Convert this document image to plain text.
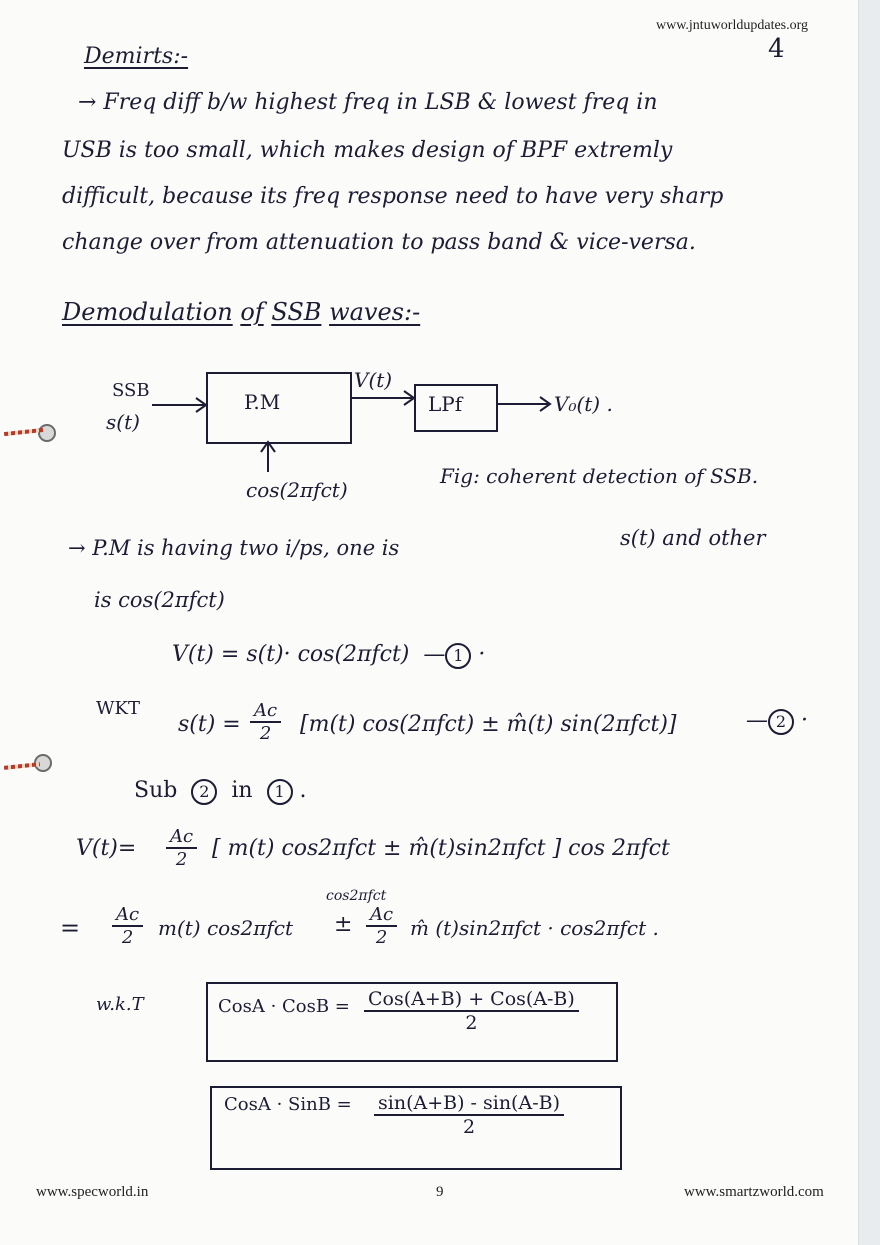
www.jntuworldupdates.org
4
Demirts:-
→ Freq diff b/w highest freq in LSB & lowest freq in
USB is too small, which makes design of BPF extremly
difficult, because its freq response need to have very sharp
change over from attenuation to pass band & vice-versa.
Demodulation of SSB waves:-
SSB
s(t)
P.M
V(t)
LPf	V₀(t) .
cos(2πfct)
Fig: coherent detection of SSB.
→ P.M is having two i/ps, one is	s(t) and other
is cos(2πfct)
V(t) = s(t)· cos(2πfct)  — 1 ·
WKT
$s(t) = \frac{Ac}{2} [m(t) \cos(2\pi fct)$ ± m̂(t) sin(2πfct)]	— 2 ·
Sub 2 in 1 .
$V(t)= \frac{Ac}{2}$ [ m(t) cos2πfct ± m̂(t)sin2πfct ] cos 2πfct
= $\frac{Ac}{2} m(t)$ cos2πfct
cos2πfct
± $\frac{Ac}{2}$ m̂ (t)sin2πfct · cos2πfct .
w.k.T	CosA · CosB = Cos(A+B) + Cos(A-B)
2
CosA · SinB = $\frac{\sin(A+B) - \sin(A-B)}{2}$
www.specworld.in	9	www.smartzworld.com
